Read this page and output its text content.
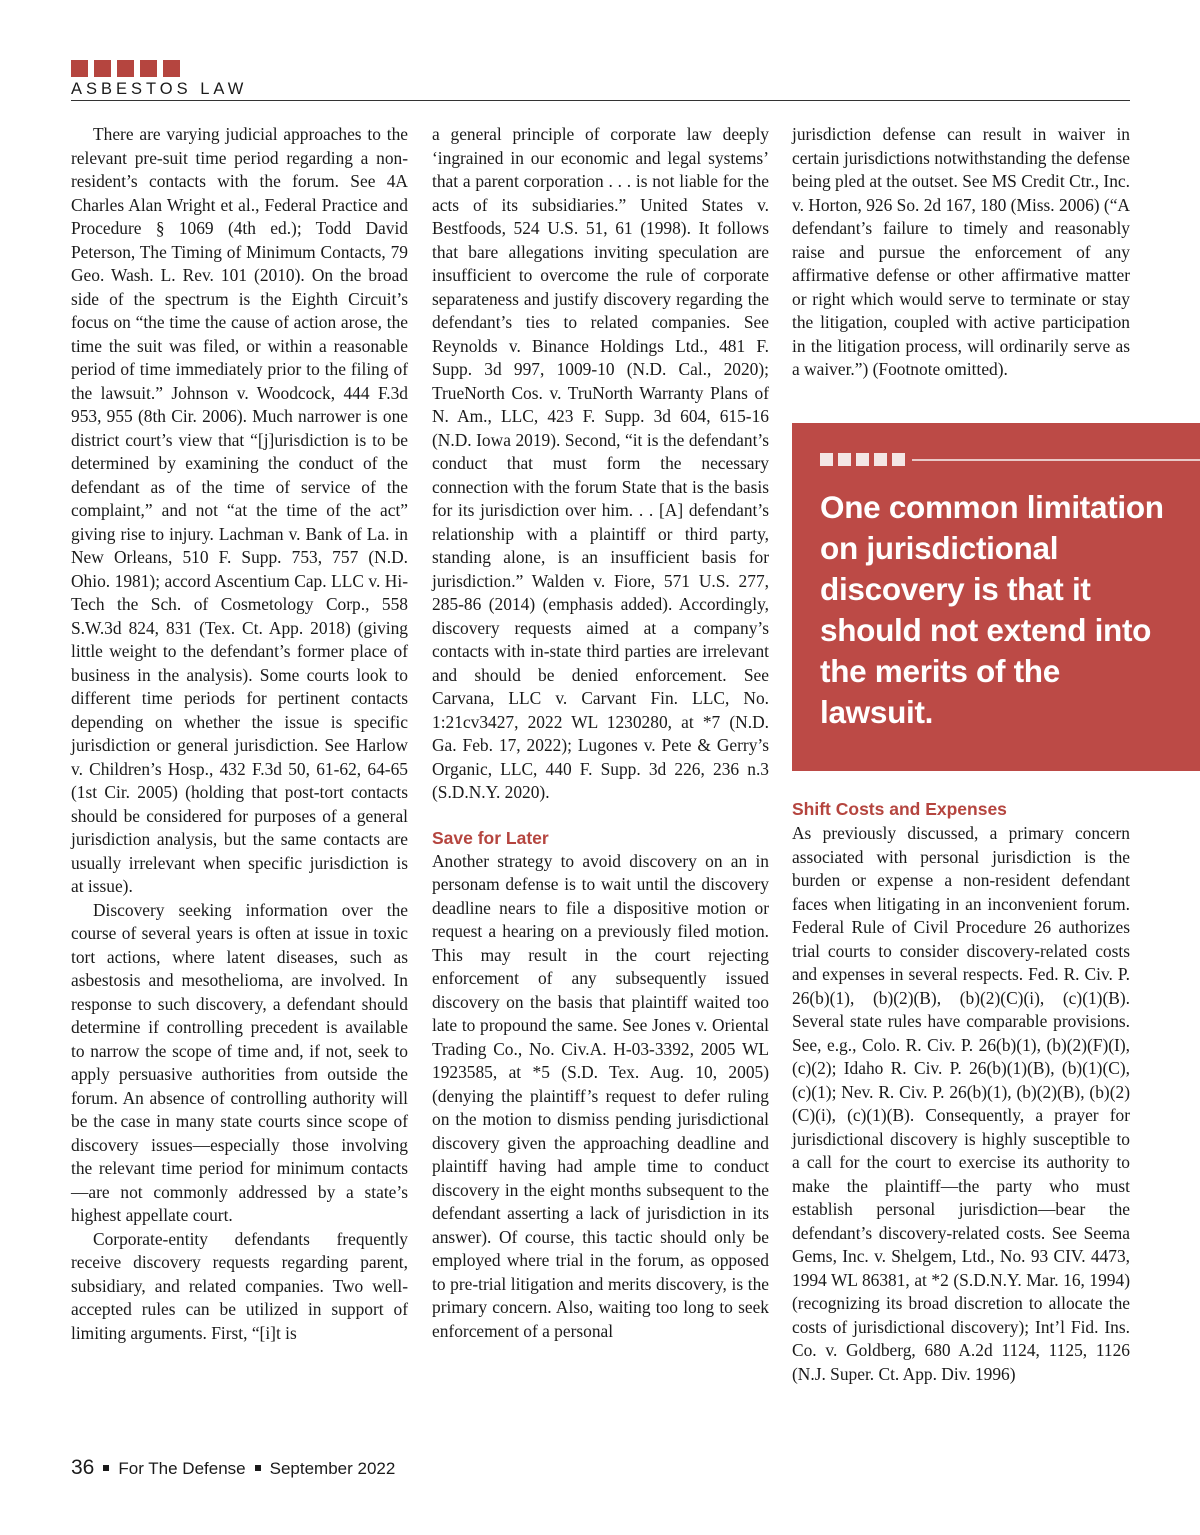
ASBESTOS LAW

There are varying judicial approaches to the relevant pre-suit time period regarding a non-resident’s contacts with the forum. See 4A Charles Alan Wright et al., Federal Practice and Procedure § 1069 (4th ed.); Todd David Peterson, The Timing of Minimum Contacts, 79 Geo. Wash. L. Rev. 101 (2010). On the broad side of the spectrum is the Eighth Circuit’s focus on “the time the cause of action arose, the time the suit was filed, or within a reasonable period of time immediately prior to the filing of the lawsuit.” Johnson v. Woodcock, 444 F.3d 953, 955 (8th Cir. 2006). Much narrower is one district court’s view that “[j]urisdiction is to be determined by examining the conduct of the defendant as of the time of service of the complaint,” and not “at the time of the act” giving rise to injury. Lachman v. Bank of La. in New Orleans, 510 F. Supp. 753, 757 (N.D. Ohio. 1981); accord Ascentium Cap. LLC v. Hi-Tech the Sch. of Cosmetology Corp., 558 S.W.3d 824, 831 (Tex. Ct. App. 2018) (giving little weight to the defendant’s former place of business in the analysis). Some courts look to different time periods for pertinent contacts depending on whether the issue is specific jurisdiction or general jurisdiction. See Harlow v. Children’s Hosp., 432 F.3d 50, 61-62, 64-65 (1st Cir. 2005) (holding that post-tort contacts should be considered for purposes of a general jurisdiction analysis, but the same contacts are usually irrelevant when specific jurisdiction is at issue).

Discovery seeking information over the course of several years is often at issue in toxic tort actions, where latent diseases, such as asbestosis and mesothelioma, are involved. In response to such discovery, a defendant should determine if controlling precedent is available to narrow the scope of time and, if not, seek to apply persuasive authorities from outside the forum. An absence of controlling authority will be the case in many state courts since scope of discovery issues—especially those involving the relevant time period for minimum contacts—are not commonly addressed by a state’s highest appellate court.

Corporate-entity defendants frequently receive discovery requests regarding parent, subsidiary, and related companies. Two well-accepted rules can be utilized in support of limiting arguments. First, “[i]t is

a general principle of corporate law deeply ‘ingrained in our economic and legal systems’ that a parent corporation . . . is not liable for the acts of its subsidiaries.” United States v. Bestfoods, 524 U.S. 51, 61 (1998). It follows that bare allegations inviting speculation are insufficient to overcome the rule of corporate separateness and justify discovery regarding the defendant’s ties to related companies. See Reynolds v. Binance Holdings Ltd., 481 F. Supp. 3d 997, 1009-10 (N.D. Cal., 2020); TrueNorth Cos. v. TruNorth Warranty Plans of N. Am., LLC, 423 F. Supp. 3d 604, 615-16 (N.D. Iowa 2019). Second, “it is the defendant’s conduct that must form the necessary connection with the forum State that is the basis for its jurisdiction over him. . . [A] defendant’s relationship with a plaintiff or third party, standing alone, is an insufficient basis for jurisdiction.” Walden v. Fiore, 571 U.S. 277, 285-86 (2014) (emphasis added). Accordingly, discovery requests aimed at a company’s contacts with in-state third parties are irrelevant and should be denied enforcement. See Carvana, LLC v. Carvant Fin. LLC, No. 1:21cv3427, 2022 WL 1230280, at *7 (N.D. Ga. Feb. 17, 2022); Lugones v. Pete & Gerry’s Organic, LLC, 440 F. Supp. 3d 226, 236 n.3 (S.D.N.Y. 2020).

Save for Later

Another strategy to avoid discovery on an in personam defense is to wait until the discovery deadline nears to file a dispositive motion or request a hearing on a previously filed motion. This may result in the court rejecting enforcement of any subsequently issued discovery on the basis that plaintiff waited too late to propound the same. See Jones v. Oriental Trading Co., No. Civ.A. H-03-3392, 2005 WL 1923585, at *5 (S.D. Tex. Aug. 10, 2005) (denying the plaintiff’s request to defer ruling on the motion to dismiss pending jurisdictional discovery given the approaching deadline and plaintiff having had ample time to conduct discovery in the eight months subsequent to the defendant asserting a lack of jurisdiction in its answer). Of course, this tactic should only be employed where trial in the forum, as opposed to pre-trial litigation and merits discovery, is the primary concern. Also, waiting too long to seek enforcement of a personal

jurisdiction defense can result in waiver in certain jurisdictions notwithstanding the defense being pled at the outset. See MS Credit Ctr., Inc. v. Horton, 926 So. 2d 167, 180 (Miss. 2006) (“A defendant’s failure to timely and reasonably raise and pursue the enforcement of any affirmative defense or other affirmative matter or right which would serve to terminate or stay the litigation, coupled with active participation in the litigation process, will ordinarily serve as a waiver.”) (Footnote omitted).

One common limitation on jurisdictional discovery is that it should not extend into the merits of the lawsuit.
Shift Costs and Expenses

As previously discussed, a primary concern associated with personal jurisdiction is the burden or expense a non-resident defendant faces when litigating in an inconvenient forum. Federal Rule of Civil Procedure 26 authorizes trial courts to consider discovery-related costs and expenses in several respects. Fed. R. Civ. P. 26(b)(1), (b)(2)(B), (b)(2)(C)(i), (c)(1)(B). Several state rules have comparable provisions. See, e.g., Colo. R. Civ. P. 26(b)(1), (b)(2)(F)(I), (c)(2); Idaho R. Civ. P. 26(b)(1)(B), (b)(1)(C), (c)(1); Nev. R. Civ. P. 26(b)(1), (b)(2)(B), (b)(2)(C)(i), (c)(1)(B). Consequently, a prayer for jurisdictional discovery is highly susceptible to a call for the court to exercise its authority to make the plaintiff—the party who must establish personal jurisdiction—bear the defendant’s discovery-related costs. See Seema Gems, Inc. v. Shelgem, Ltd., No. 93 CIV. 4473, 1994 WL 86381, at *2 (S.D.N.Y. Mar. 16, 1994) (recognizing its broad discretion to allocate the costs of jurisdictional discovery); Int’l Fid. Ins. Co. v. Goldberg, 680 A.2d 1124, 1125, 1126 (N.J. Super. Ct. App. Div. 1996)

36 For The Defense September 2022
